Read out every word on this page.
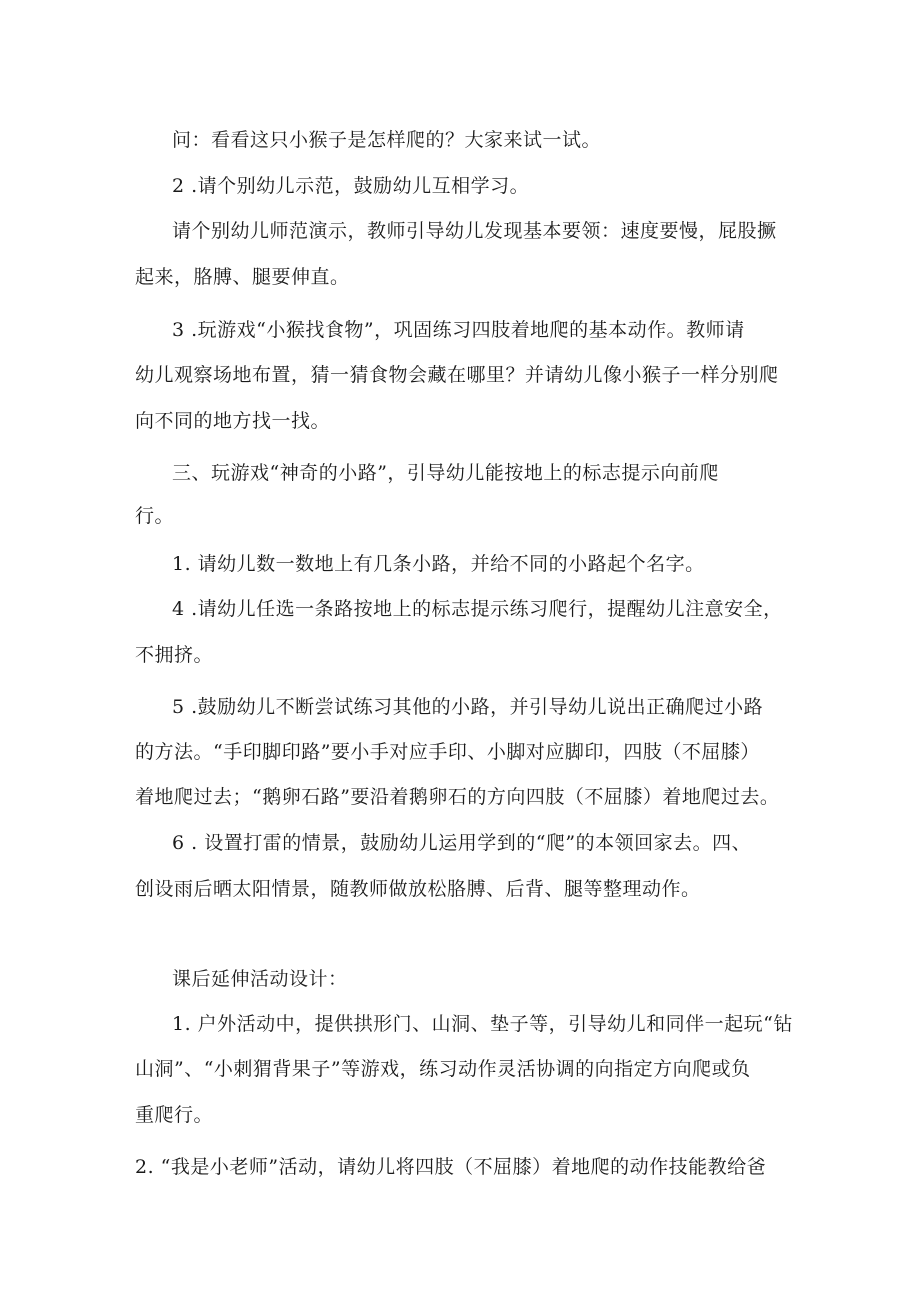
问：看看这只小猴子是怎样爬的？大家来试一试。
2 .请个别幼儿示范，鼓励幼儿互相学习。
请个别幼儿师范演示，教师引导幼儿发现基本要领：速度要慢，屁股撅
起来，胳膊、腿要伸直。
3 .玩游戏“小猴找食物”，巩固练习四肢着地爬的基本动作。教师请
幼儿观察场地布置，猜一猜食物会藏在哪里？并请幼儿像小猴子一样分别爬
向不同的地方找一找。
三、玩游戏“神奇的小路”，引导幼儿能按地上的标志提示向前爬
行。
1. 请幼儿数一数地上有几条小路，并给不同的小路起个名字。
4 .请幼儿任选一条路按地上的标志提示练习爬行，提醒幼儿注意安全，
不拥挤。
5 .鼓励幼儿不断尝试练习其他的小路，并引导幼儿说出正确爬过小路
的方法。“手印脚印路”要小手对应手印、小脚对应脚印，四肢（不屈膝）
着地爬过去；“鹅卵石路”要沿着鹅卵石的方向四肢（不屈膝）着地爬过去。
6 . 设置打雷的情景，鼓励幼儿运用学到的“爬”的本领回家去。四、
创设雨后晒太阳情景，随教师做放松胳膊、后背、腿等整理动作。
课后延伸活动设计：
1. 户外活动中，提供拱形门、山洞、垫子等，引导幼儿和同伴一起玩“钻
山洞”、“小刺猬背果子”等游戏，练习动作灵活协调的向指定方向爬或负
重爬行。
2. “我是小老师”活动，请幼儿将四肢（不屈膝）着地爬的动作技能教给爸
